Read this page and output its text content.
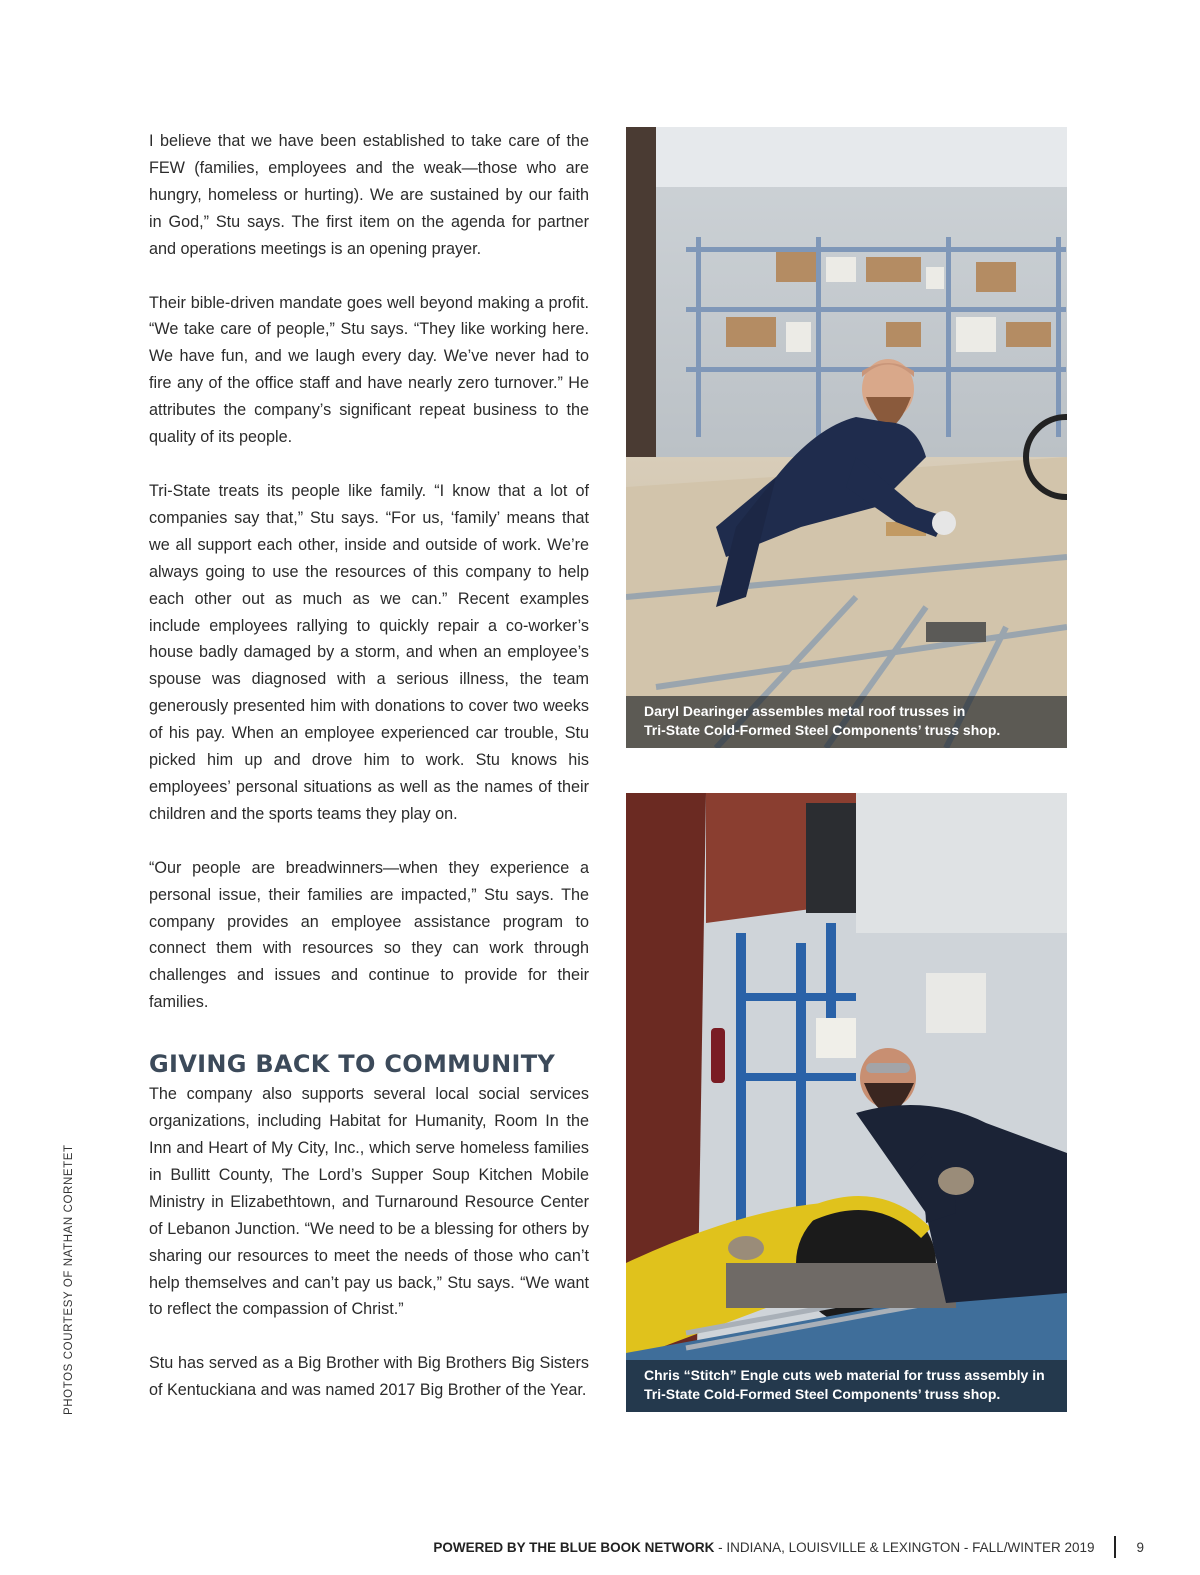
I believe that we have been established to take care of the FEW (families, employees and the weak—those who are hungry, homeless or hurting). We are sustained by our faith in God,” Stu says. The first item on the agenda for partner and operations meetings is an opening prayer.

Their bible-driven mandate goes well beyond making a profit. “We take care of people,” Stu says. “They like working here. We have fun, and we laugh every day. We’ve never had to fire any of the office staff and have nearly zero turnover.” He attributes the company’s significant repeat business to the quality of its people.

Tri-State treats its people like family. “I know that a lot of companies say that,” Stu says. “For us, ‘family’ means that we all support each other, inside and outside of work. We’re always going to use the resources of this company to help each other out as much as we can.” Recent examples include employees rallying to quickly repair a co-worker’s house badly damaged by a storm, and when an employee’s spouse was diagnosed with a serious illness, the team generously presented him with donations to cover two weeks of his pay. When an employee experienced car trouble, Stu picked him up and drove him to work. Stu knows his employees’ personal situations as well as the names of their children and the sports teams they play on.

“Our people are breadwinners—when they experience a personal issue, their families are impacted,” Stu says. The company provides an employee assistance program to connect them with resources so they can work through challenges and issues and continue to provide for their families.

GIVING BACK TO COMMUNITY

The company also supports several local social services organizations, including Habitat for Humanity, Room In the Inn and Heart of My City, Inc., which serve homeless families in Bullitt County, The Lord’s Supper Soup Kitchen Mobile Ministry in Elizabethtown, and Turnaround Resource Center of Lebanon Junction. “We need to be a blessing for others by sharing our resources to meet the needs of those who can’t help themselves and can’t pay us back,” Stu says. “We want to reflect the compassion of Christ.”

Stu has served as a Big Brother with Big Brothers Big Sisters of Kentuckiana and was named 2017 Big Brother of the Year.

Daryl Dearinger assembles metal roof trusses in
Tri-State Cold-Formed Steel Components’ truss shop.
Chris “Stitch” Engle cuts web material for truss assembly in
Tri-State Cold-Formed Steel Components’ truss shop.
PHOTOS COURTESY OF NATHAN CORNETET
POWERED BY THE BLUE BOOK NETWORK - INDIANA, LOUISVILLE & LEXINGTON - FALL/WINTER 2019	9
